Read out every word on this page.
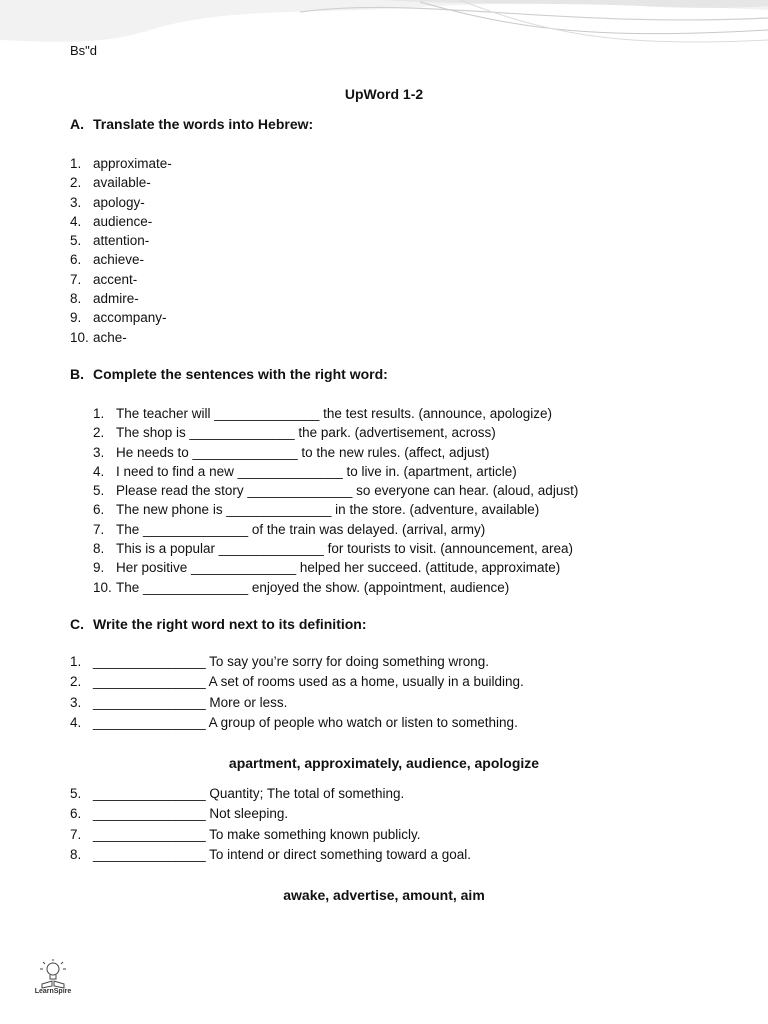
Bs"d
UpWord 1-2
A. Translate the words into Hebrew:
1. approximate-
2. available-
3. apology-
4. audience-
5. attention-
6. achieve-
7. accent-
8. admire-
9. accompany-
10. ache-
B. Complete the sentences with the right word:
1. The teacher will ______________ the test results. (announce, apologize)
2. The shop is ______________ the park. (advertisement, across)
3. He needs to ______________ to the new rules. (affect, adjust)
4. I need to find a new ______________ to live in. (apartment, article)
5. Please read the story ______________ so everyone can hear. (aloud, adjust)
6. The new phone is ______________ in the store. (adventure, available)
7. The ______________ of the train was delayed. (arrival, army)
8. This is a popular ______________ for tourists to visit. (announcement, area)
9. Her positive ______________ helped her succeed. (attitude, approximate)
10. The ______________ enjoyed the show. (appointment, audience)
C. Write the right word next to its definition:
1. _______________ To say you’re sorry for doing something wrong.
2. _______________ A set of rooms used as a home, usually in a building.
3. _______________ More or less.
4. _______________ A group of people who watch or listen to something.
apartment, approximately, audience, apologize
5. _______________ Quantity; The total of something.
6. _______________ Not sleeping.
7. _______________ To make something known publicly.
8. _______________ To intend or direct something toward a goal.
awake, advertise, amount, aim
LearnSpire
